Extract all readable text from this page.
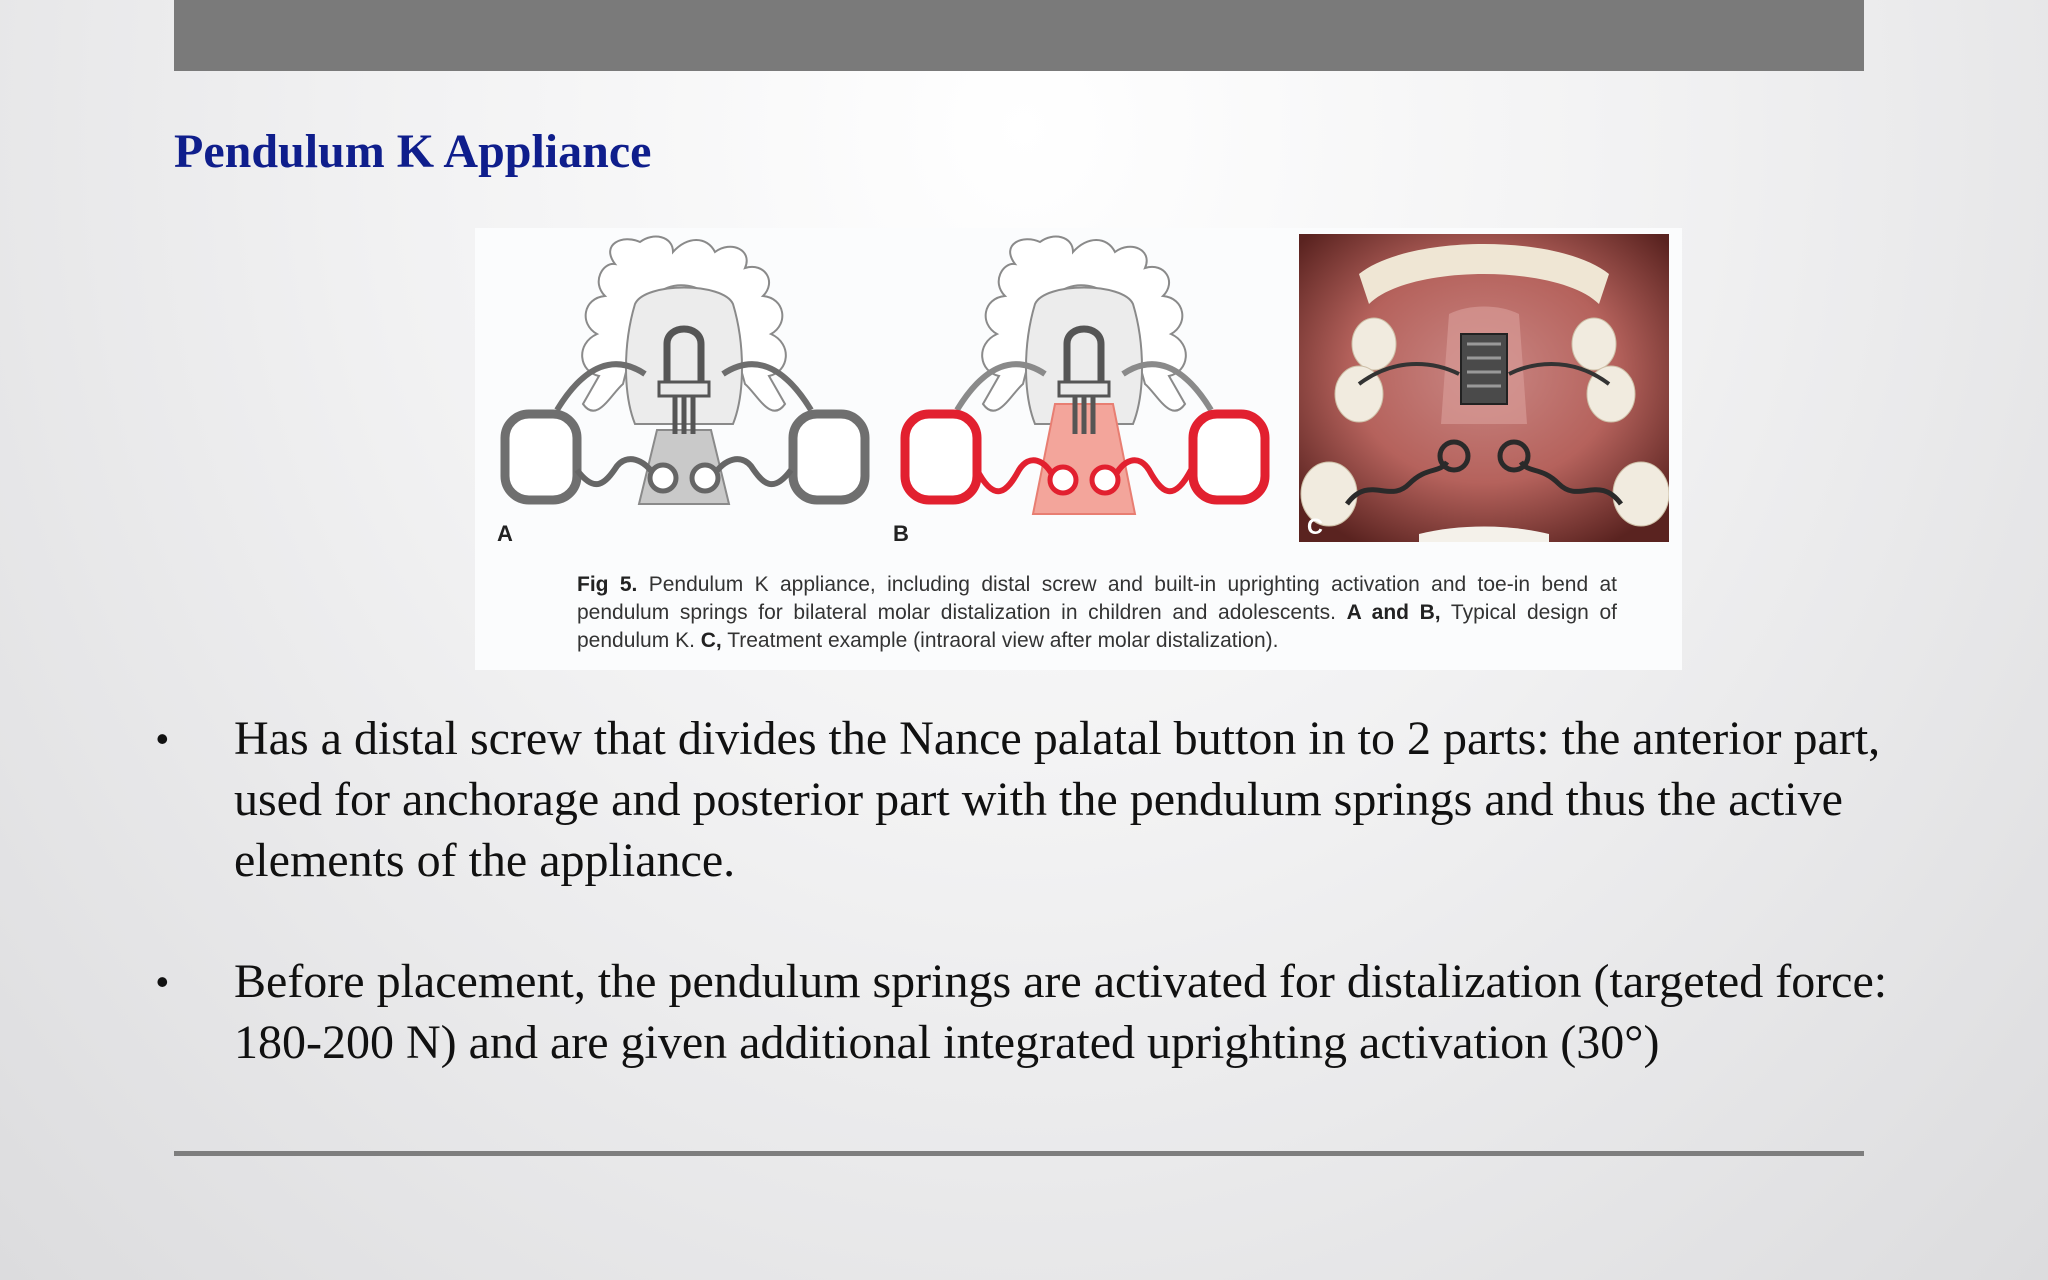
Pendulum K Appliance
A	B	C

Fig 5. Pendulum K appliance, including distal screw and built-in uprighting activation and toe-in bend at pendulum springs for bilateral molar distalization in children and adolescents. A and B, Typical design of pendulum K. C, Treatment example (intraoral view after molar distalization).

• Has a distal screw that divides the Nance palatal button in to 2 parts: the anterior part, used for anchorage and posterior part with the pendulum springs and thus the active elements of the appliance.
• Before placement, the pendulum springs are activated for distalization (targeted force: 180-200 N) and are given additional integrated uprighting activation (30°)
